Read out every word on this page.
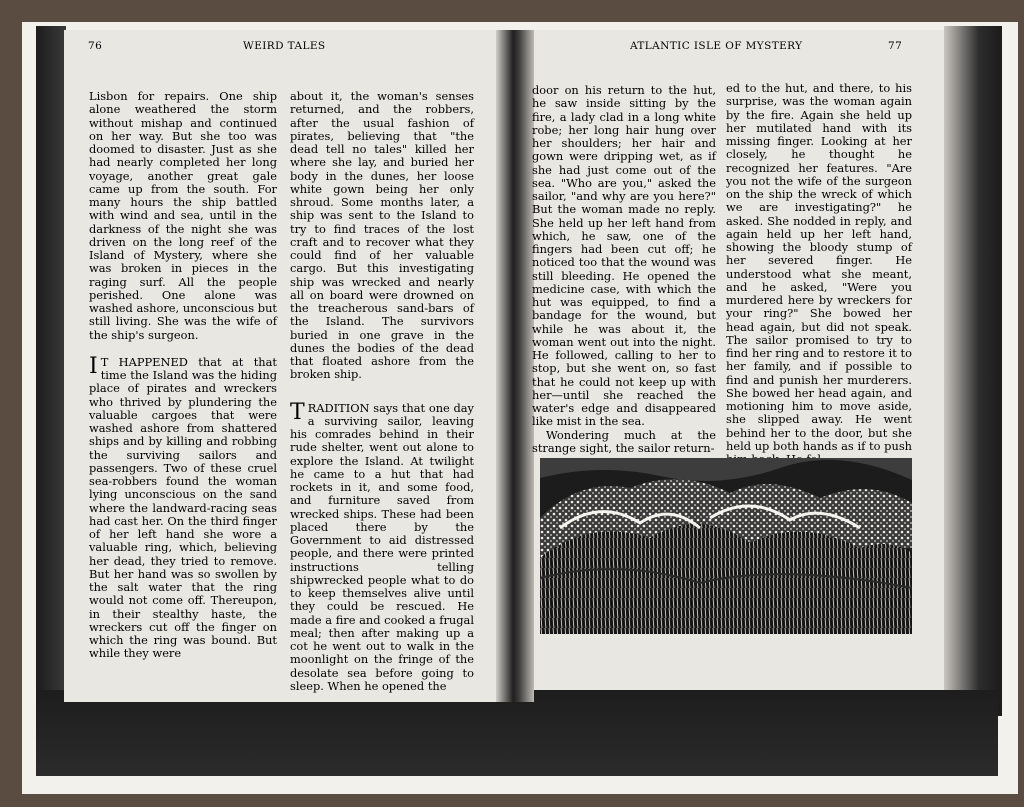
76	WEIRD TALES	ATLANTIC ISLE OF MYSTERY	77

Lisbon for repairs. One ship alone weathered the storm without mishap and continued on her way. But she too was doomed to disaster. Just as she had nearly completed her long voyage, another great gale came up from the south. For many hours the ship battled with wind and sea, until in the darkness of the night she was driven on the long reef of the Island of Mystery, where she was broken in pieces in the raging surf. All the people perished. One alone was washed ashore, unconscious but still living. She was the wife of the ship's surgeon.

I T HAPPENED that at that time the Island was the hiding place of pirates and wreckers who thrived by plundering the valuable cargoes that were washed ashore from shattered ships and by killing and robbing the surviving sailors and passengers. Two of these cruel sea-robbers found the woman lying unconscious on the sand where the landward-racing seas had cast her. On the third finger of her left hand she wore a valuable ring, which, believing her dead, they tried to remove. But her hand was so swollen by the salt water that the ring would not come off. Thereupon, in their stealthy haste, the wreckers cut off the finger on which the ring was bound. But while they were

about it, the woman's senses returned, and the robbers, after the usual fashion of pirates, believing that "the dead tell no tales" killed her where she lay, and buried her body in the dunes, her loose white gown being her only shroud. Some months later, a ship was sent to the Island to try to find traces of the lost craft and to recover what they could find of her valuable cargo. But this investigating ship was wrecked and nearly all on board were drowned on the treacherous sand-bars of the Island. The survivors buried in one grave in the dunes the bodies of the dead that floated ashore from the broken ship.

TRADITION says that one day a surviving sailor, leaving his comrades behind in their rude shelter, went out alone to explore the Island. At twilight he came to a hut that had rockets in it, and some food, and furniture saved from wrecked ships. These had been placed there by the Government to aid distressed people, and there were printed instructions telling shipwrecked people what to do to keep themselves alive until they could be rescued. He made a fire and cooked a frugal meal; then after making up a cot he went out to walk in the moonlight on the fringe of the desolate sea before going to sleep. When he opened the

door on his return to the hut, he saw inside sitting by the fire, a lady clad in a long white robe; her long hair hung over her shoulders; her hair and gown were dripping wet, as if she had just come out of the sea. "Who are you," asked the sailor, "and why are you here?" But the woman made no reply. She held up her left hand from which, he saw, one of the fingers had been cut off; he noticed too that the wound was still bleeding. He opened the medicine case, with which the hut was equipped, to find a bandage for the wound, but while he was about it, the woman went out into the night. He followed, calling to her to stop, but she went on, so fast that he could not keep up with her—until she reached the water's edge and disappeared like mist in the sea.

Wondering much at the strange sight, the sailor return-

ed to the hut, and there, to his surprise, was the woman again by the fire. Again she held up her mutilated hand with its missing finger. Looking at her closely, he thought he recognized her features. "Are you not the wife of the surgeon on the ship the wreck of which we are investigating?" he asked. She nodded in reply, and again held up her left hand, showing the bloody stump of her severed finger. He understood what she meant, and he asked, "Were you murdered here by wreckers for your ring?" She bowed her head again, but did not speak. The sailor promised to try to find her ring and to restore it to her family, and if possible to find and punish her murderers. She bowed her head again, and motioning him to move aside, she slipped away. He went behind her to the door, but she held up both hands as if to push
